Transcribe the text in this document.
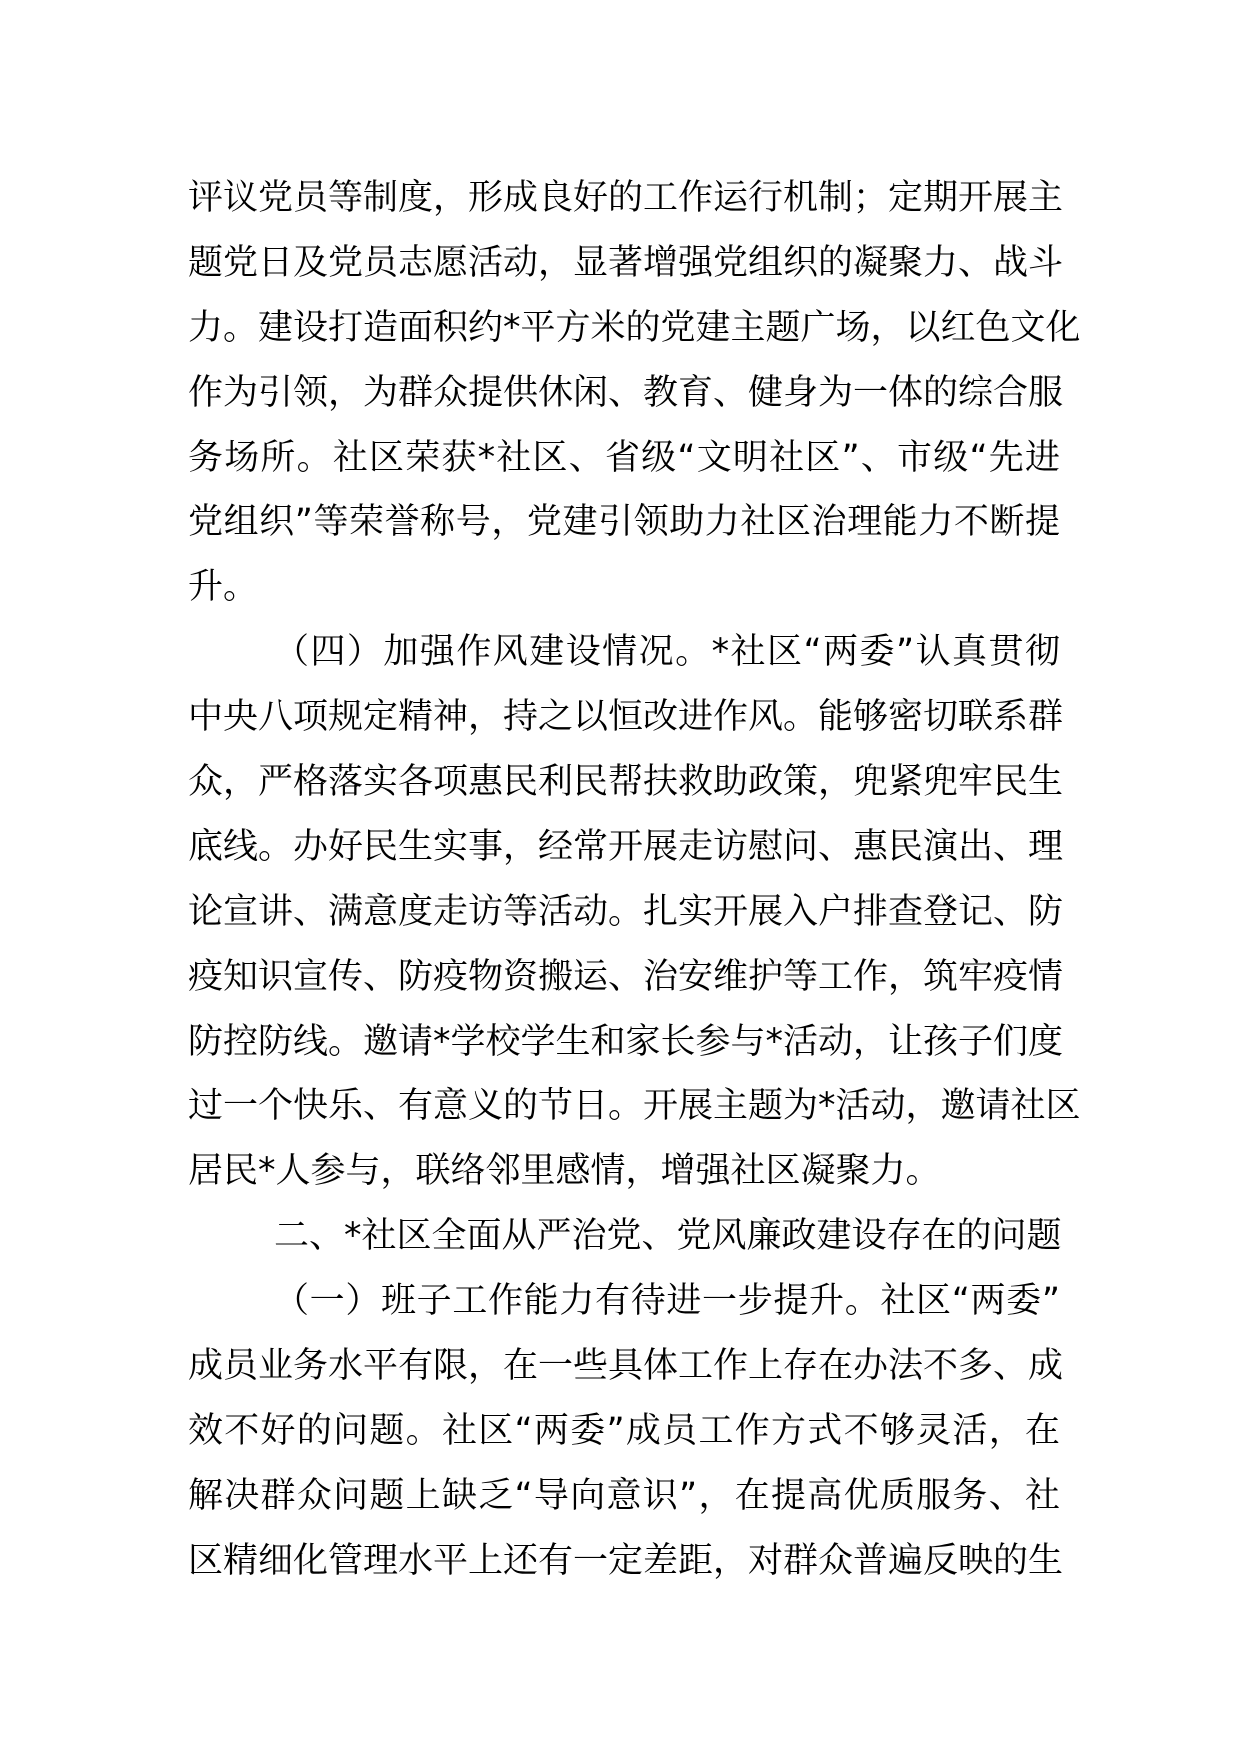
评议党员等制度，形成良好的工作运行机制；定期开展主
题党日及党员志愿活动，显著增强党组织的凝聚力、战斗
力。建设打造面积约*平方米的党建主题广场，以红色文化
作为引领，为群众提供休闲、教育、健身为一体的综合服
务场所。社区荣获*社区、省级“文明社区”、市级“先进
党组织”等荣誉称号，党建引领助力社区治理能力不断提
升。
（四）加强作风建设情况。*社区“两委”认真贯彻
中央八项规定精神，持之以恒改进作风。能够密切联系群
众，严格落实各项惠民利民帮扶救助政策，兜紧兜牢民生
底线。办好民生实事，经常开展走访慰问、惠民演出、理
论宣讲、满意度走访等活动。扎实开展入户排查登记、防
疫知识宣传、防疫物资搬运、治安维护等工作，筑牢疫情
防控防线。邀请*学校学生和家长参与*活动，让孩子们度
过一个快乐、有意义的节日。开展主题为*活动，邀请社区
居民*人参与，联络邻里感情，增强社区凝聚力。
二、*社区全面从严治党、党风廉政建设存在的问题
（一）班子工作能力有待进一步提升。社区“两委”
成员业务水平有限，在一些具体工作上存在办法不多、成
效不好的问题。社区“两委”成员工作方式不够灵活，在
解决群众问题上缺乏“导向意识”，在提高优质服务、社
区精细化管理水平上还有一定差距，对群众普遍反映的生
